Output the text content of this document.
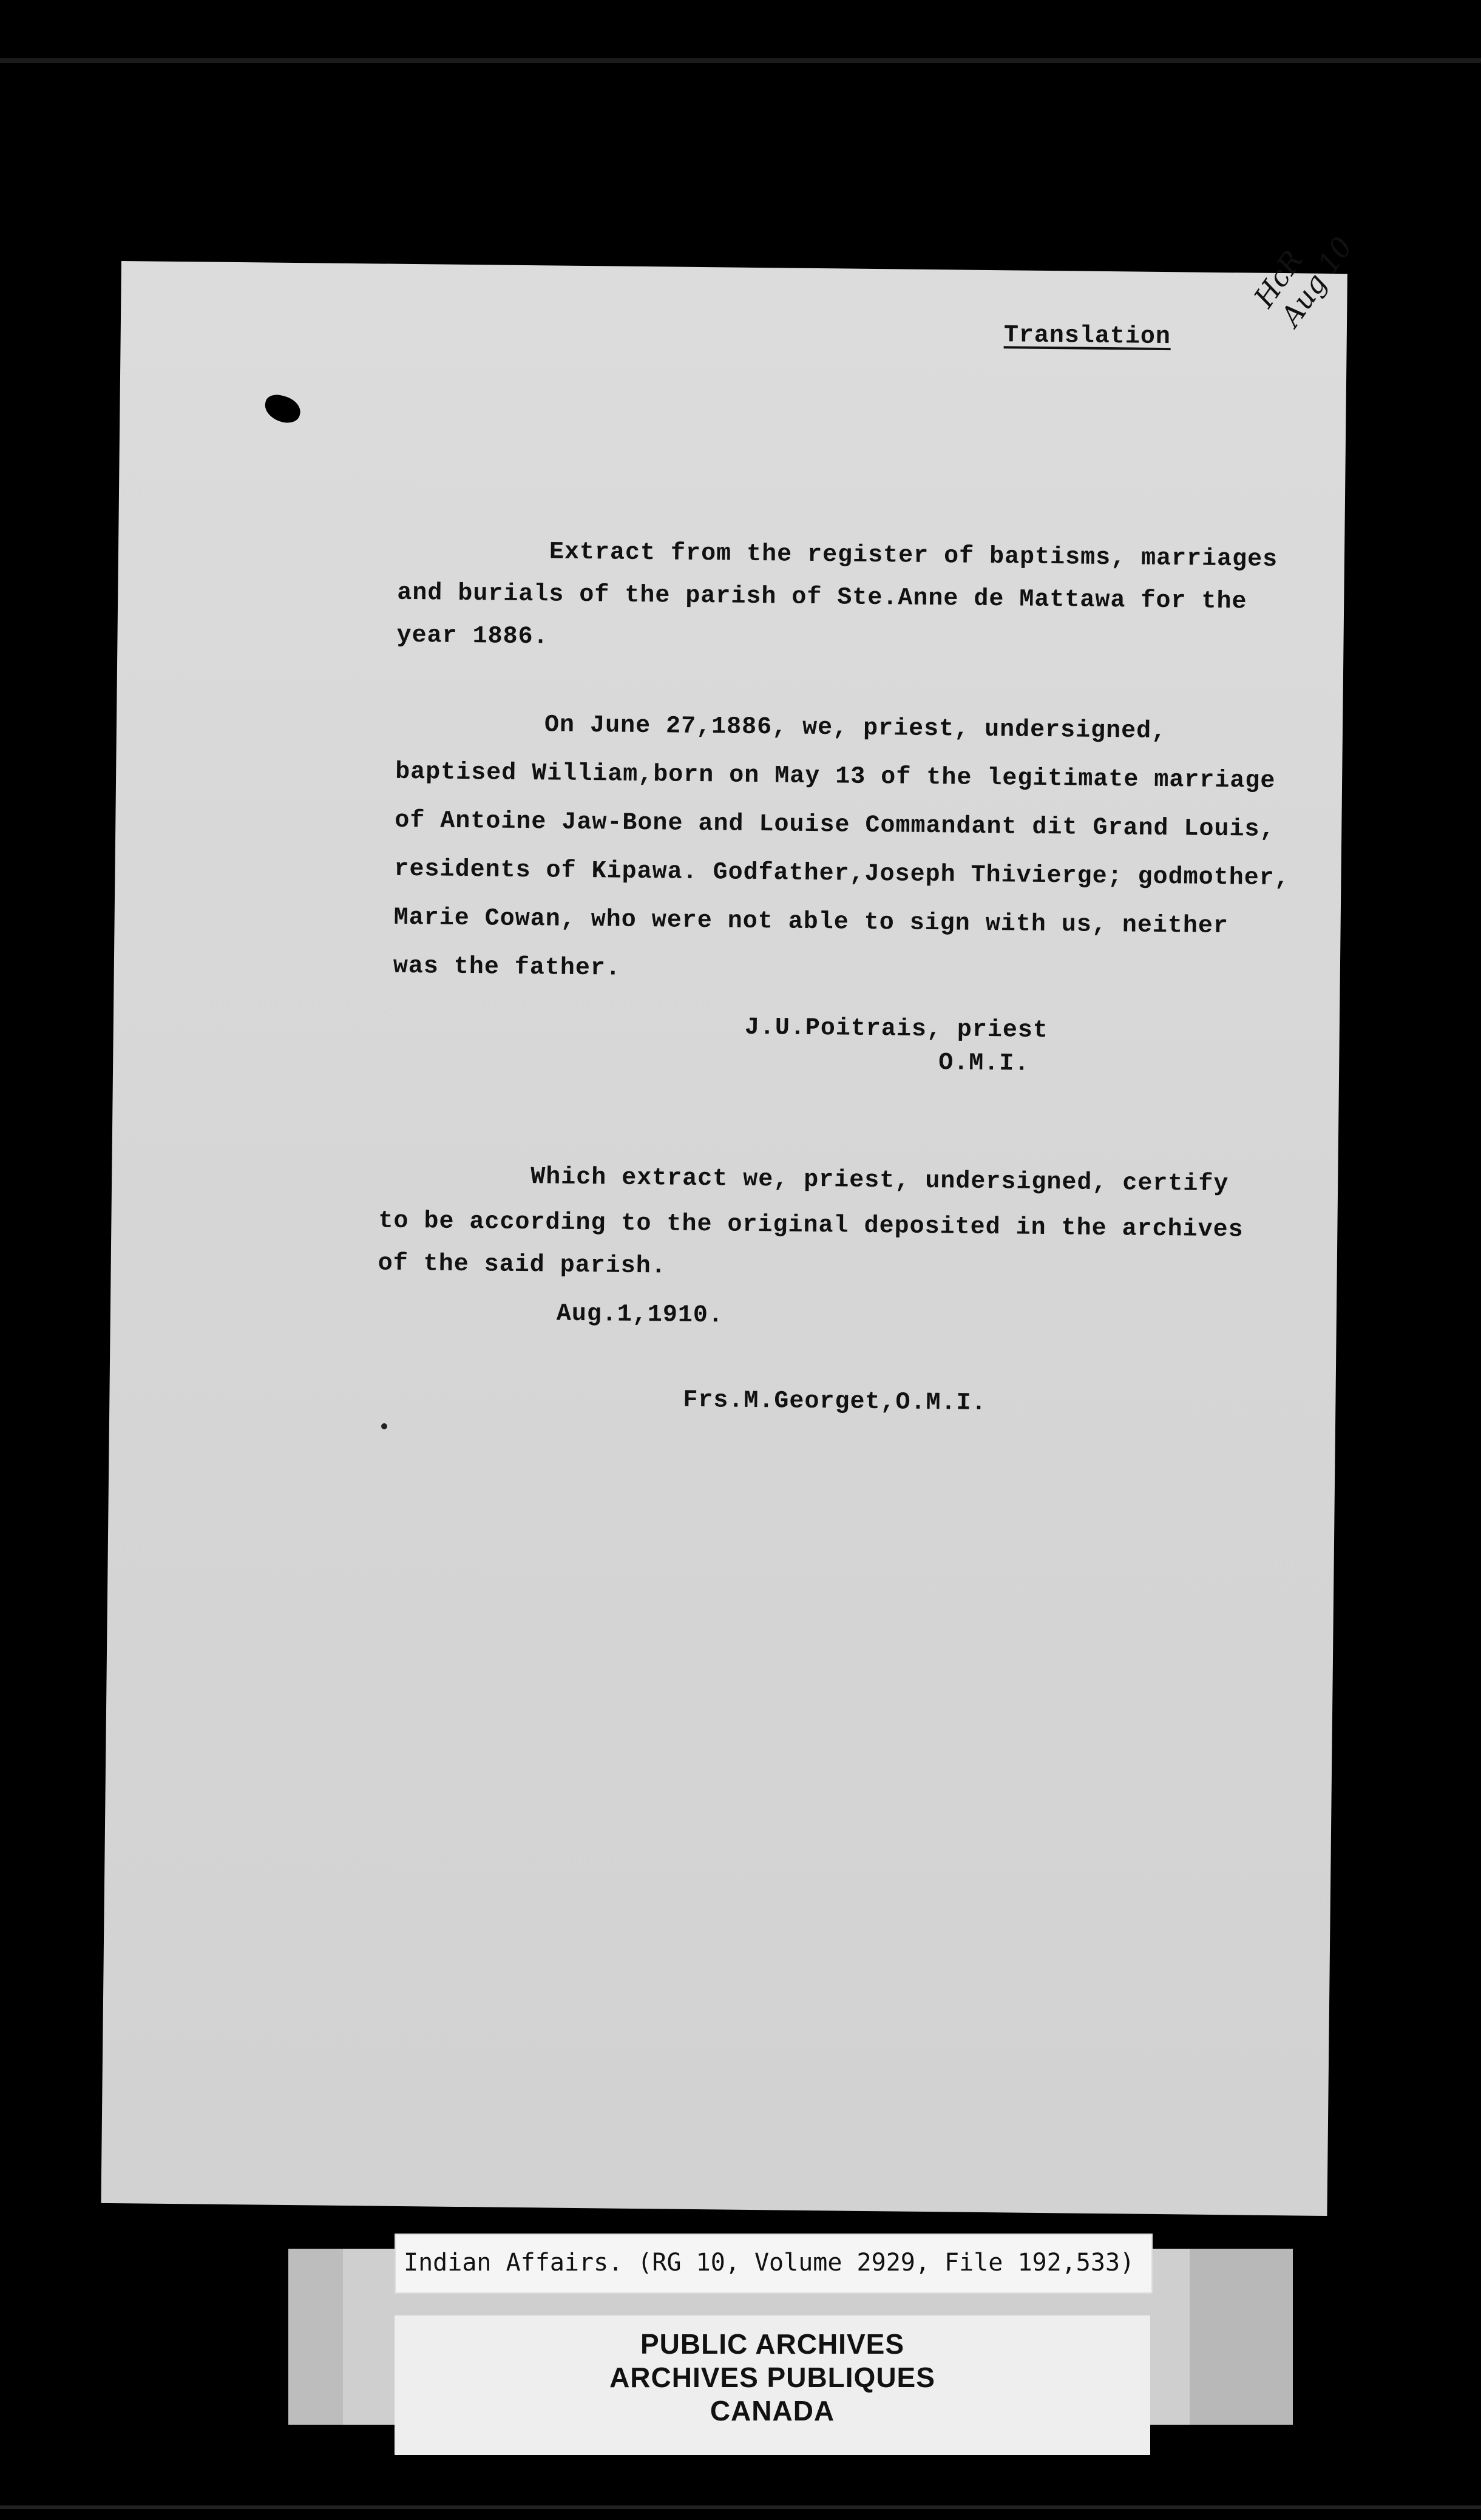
Translation
Extract from the register of baptisms, marriages
and burials of the parish of Ste.Anne de Mattawa for the
year 1886.
On June 27,1886, we, priest, undersigned,
baptised William,born on May 13 of the legitimate marriage
of Antoine Jaw-Bone and Louise Commandant dit Grand Louis,
residents of Kipawa. Godfather,Joseph Thivierge; godmother,
Marie Cowan, who were not able to sign with us, neither
was the father.
J.U.Poitrais, priest
O.M.I.
Which extract we, priest, undersigned, certify
to be according to the original deposited in the archives
of the said parish.
Aug.1,1910.
Frs.M.Georget,O.M.I.
HcR
Aug 10
Indian Affairs. (RG 10, Volume 2929, File 192,533)
PUBLIC ARCHIVES
ARCHIVES PUBLIQUES
CANADA
